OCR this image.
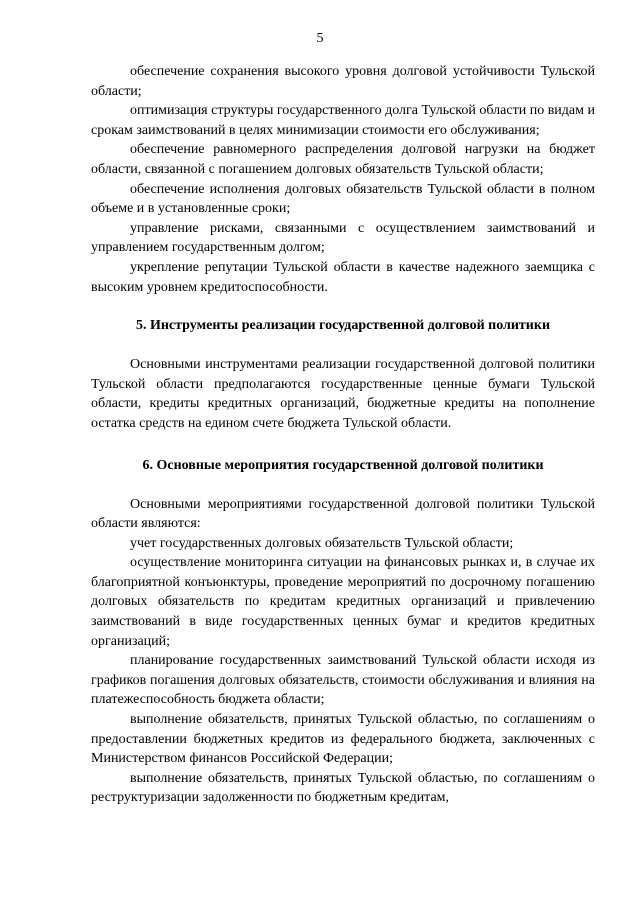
5

обеспечение сохранения высокого уровня долговой устойчивости Тульской области;

оптимизация структуры государственного долга Тульской области по видам и срокам заимствований в целях минимизации стоимости его обслуживания;

обеспечение равномерного распределения долговой нагрузки на бюджет области, связанной с погашением долговых обязательств Тульской области;

обеспечение исполнения долговых обязательств Тульской области в полном объеме и в установленные сроки;

управление рисками, связанными с осуществлением заимствований и управлением государственным долгом;

укрепление репутации Тульской области в качестве надежного заемщика с высоким уровнем кредитоспособности.

5. Инструменты реализации государственной долговой политики

Основными инструментами реализации государственной долговой политики Тульской области предполагаются государственные ценные бумаги Тульской области, кредиты кредитных организаций, бюджетные кредиты на пополнение остатка средств на едином счете бюджета Тульской области.

6. Основные мероприятия государственной долговой политики

Основными мероприятиями государственной долговой политики Тульской области являются:

учет государственных долговых обязательств Тульской области;

осуществление мониторинга ситуации на финансовых рынках и, в случае их благоприятной конъюнктуры, проведение мероприятий по досрочному погашению долговых обязательств по кредитам кредитных организаций и привлечению заимствований в виде государственных ценных бумаг и кредитов кредитных организаций;

планирование государственных заимствований Тульской области исходя из графиков погашения долговых обязательств, стоимости обслуживания и влияния на платежеспособность бюджета области;

выполнение обязательств, принятых Тульской областью, по соглашениям о предоставлении бюджетных кредитов из федерального бюджета, заключенных с Министерством финансов Российской Федерации;

выполнение обязательств, принятых Тульской областью, по соглашениям о реструктуризации задолженности по бюджетным кредитам,
